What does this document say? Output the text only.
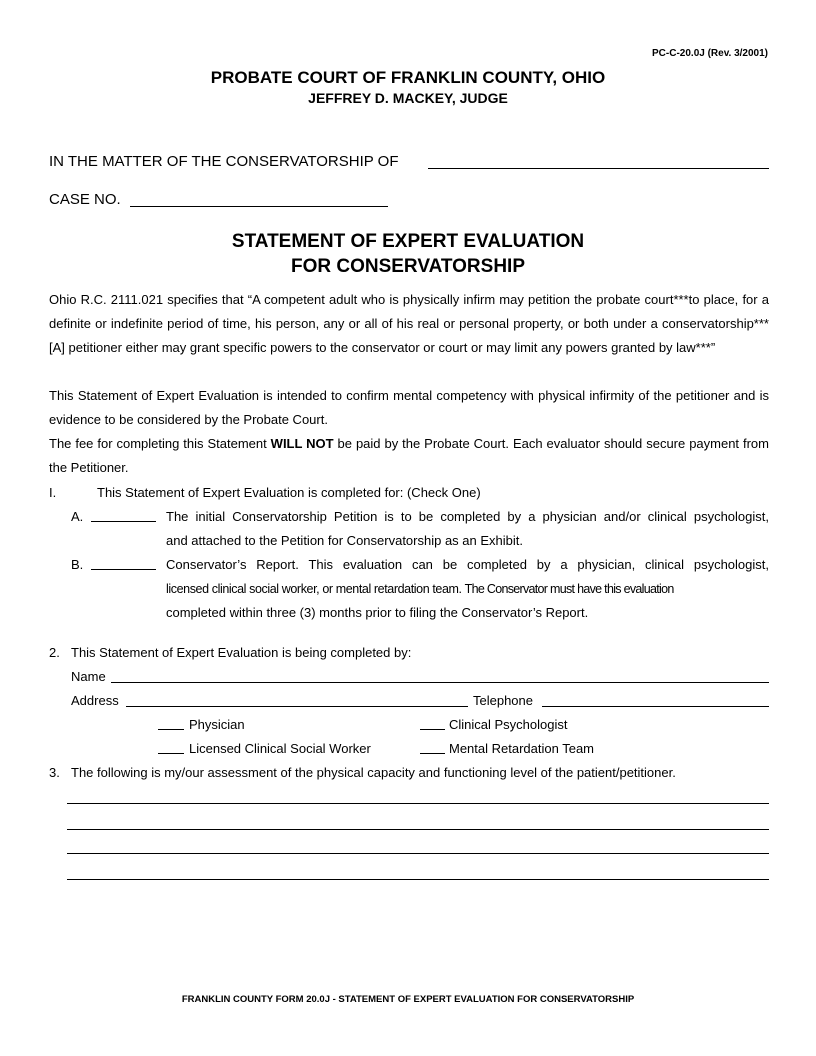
PC-C-20.0J (Rev. 3/2001)
PROBATE COURT OF FRANKLIN COUNTY, OHIO
JEFFREY D. MACKEY, JUDGE
IN THE MATTER OF THE CONSERVATORSHIP OF
CASE NO.
STATEMENT OF EXPERT EVALUATION
FOR CONSERVATORSHIP
Ohio R.C. 2111.021 specifies that “A competent adult who is physically infirm may petition the probate court***to place, for a definite or indefinite period of time, his person, any or all of his real or personal property, or both under a conservatorship***[A] petitioner either may grant specific powers to the conservator or court or may limit any powers granted by law***”
This Statement of Expert Evaluation is intended to confirm mental competency with physical infirmity of the petitioner and is evidence to be considered by the Probate Court.
The fee for completing this Statement WILL NOT be paid by the Probate Court. Each evaluator should secure payment from the Petitioner.
I.	This Statement of Expert Evaluation is completed for: (Check One)
A.	The initial Conservatorship Petition is to be completed by a physician and/or clinical psychologist,
and attached to the Petition for Conservatorship as an Exhibit.
B.	Conservator’s Report. This evaluation can be completed by a physician, clinical psychologist,
licensed clinical social worker, or mental retardation team. The Conservator must have this evaluation
completed within three (3) months prior to filing the Conservator’s Report.
2. This Statement of Expert Evaluation is being completed by:
Name
Address	Telephone
Physician	Clinical Psychologist
Licensed Clinical Social Worker	Mental Retardation Team
3. The following is my/our assessment of the physical capacity and functioning level of the patient/petitioner.
FRANKLIN COUNTY FORM 20.0J - STATEMENT OF EXPERT EVALUATION FOR CONSERVATORSHIP
